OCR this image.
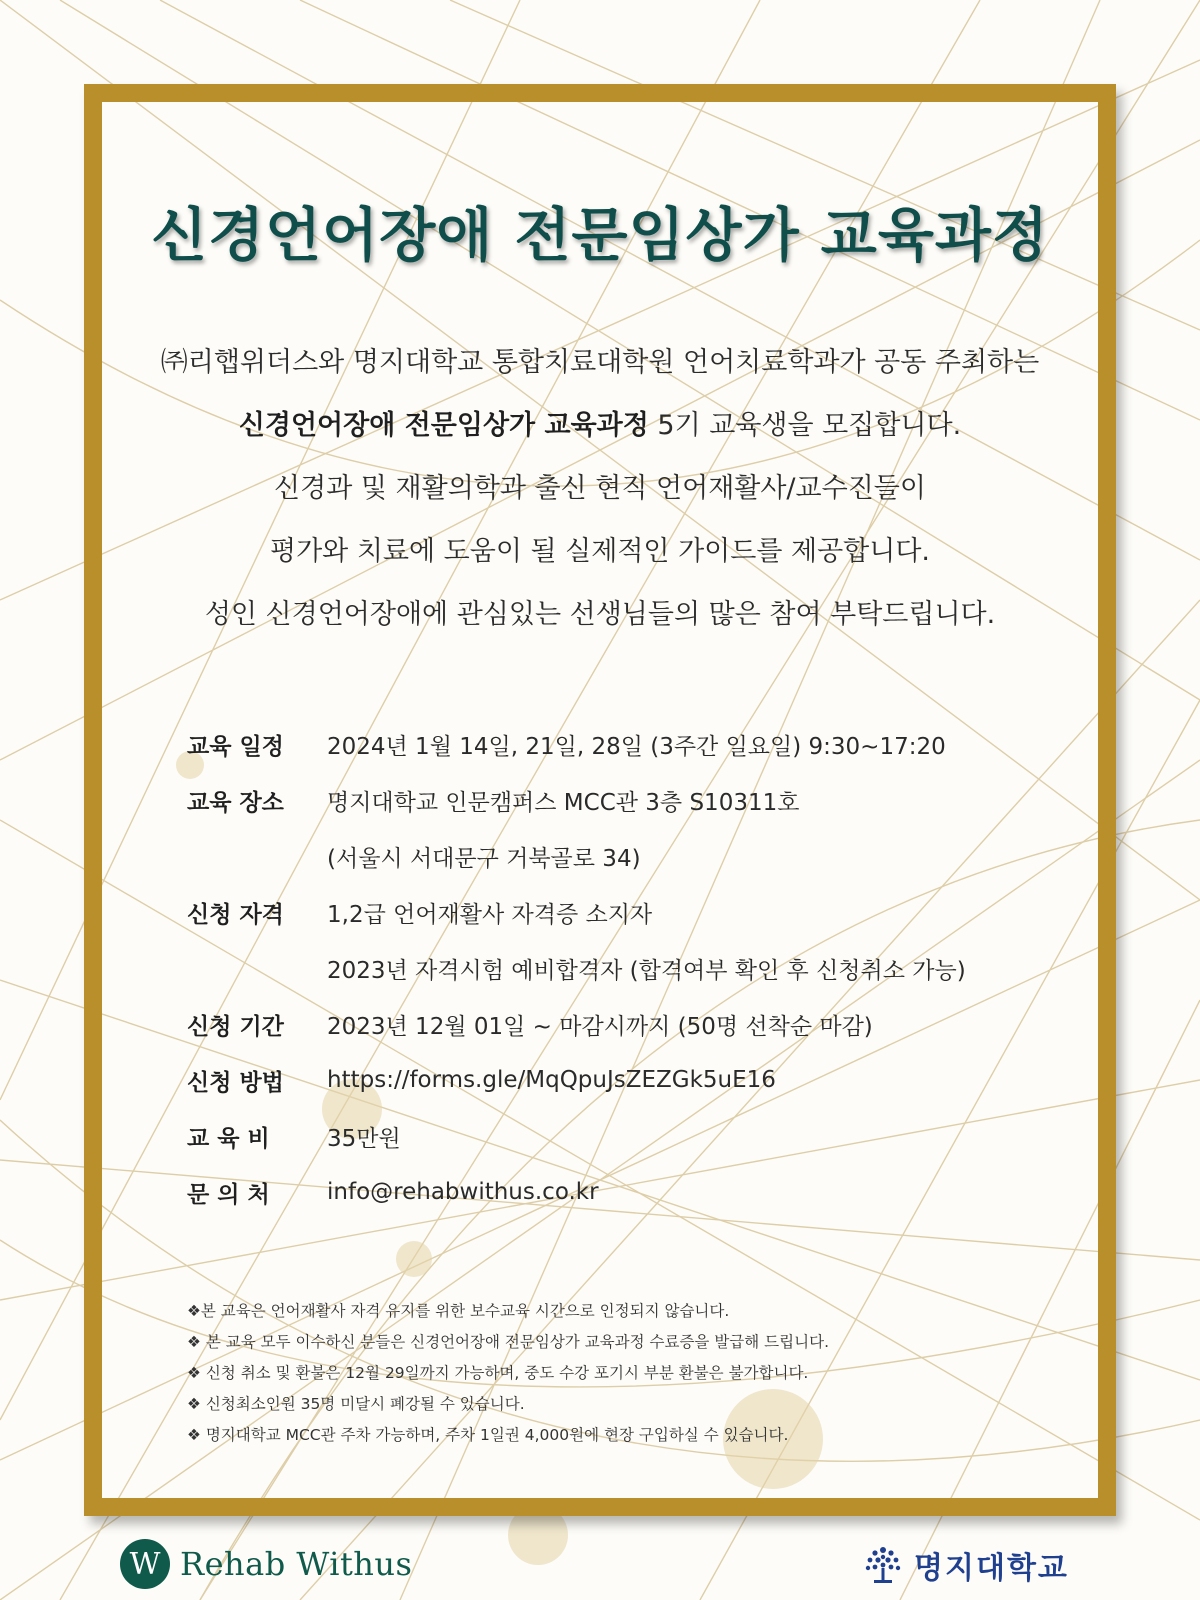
신경언어장애 전문임상가 교육과정
㈜리햅위더스와 명지대학교 통합치료대학원 언어치료학과가 공동 주최하는
신경언어장애 전문임상가 교육과정 5기 교육생을 모집합니다.
신경과 및 재활의학과 출신 현직 언어재활사/교수진들이
평가와 치료에 도움이 될 실제적인 가이드를 제공합니다.
성인 신경언어장애에 관심있는 선생님들의 많은 참여 부탁드립니다.
교육 일정	2024년 1월 14일, 21일, 28일 (3주간 일요일) 9:30~17:20
교육 장소	명지대학교 인문캠퍼스 MCC관 3층 S10311호
(서울시 서대문구 거북골로 34)
신청 자격	1,2급 언어재활사 자격증 소지자
2023년 자격시험 예비합격자 (합격여부 확인 후 신청취소 가능)
신청 기간	2023년 12월 01일 ~ 마감시까지 (50명 선착순 마감)
신청 방법	https://forms.gle/MqQpuJsZEZGk5uE16
교 육 비	35만원
문 의 처	info@rehabwithus.co.kr
❖본 교육은 언어재활사 자격 유지를 위한 보수교육 시간으로 인정되지 않습니다.
❖ 본 교육 모두 이수하신 분들은 신경언어장애 전문임상가 교육과정 수료증을 발급해 드립니다.
❖ 신청 취소 및 환불은 12월 29일까지 가능하며, 중도 수강 포기시 부분 환불은 불가합니다.
❖ 신청최소인원 35명 미달시 폐강될 수 있습니다.
❖ 명지대학교 MCC관 주차 가능하며, 주차 1일권 4,000원에 현장 구입하실 수 있습니다.
W Rehab Withus	명지대학교
